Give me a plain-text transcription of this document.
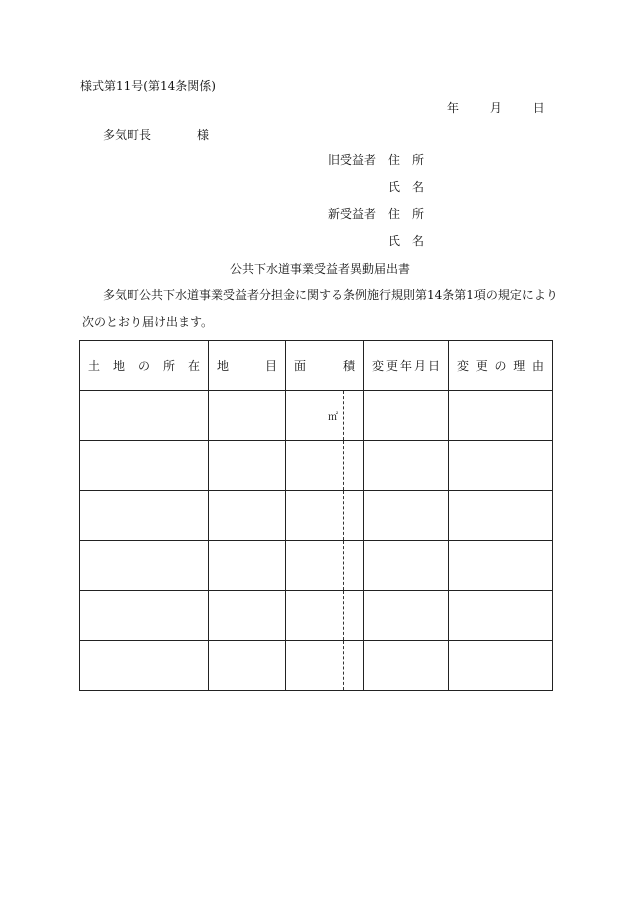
様式第11号(第14条関係)
年	月	日
多気町長	様
旧受益者 住　所
氏　名
新受益者 住　所
氏　名
公共下水道事業受益者異動届出書
多気町公共下水道事業受益者分担金に関する条例施行規則第14条第1項の規定により
次のとおり届け出ます。
土 地 の 所 在	地 目	面 積	変 更 年 月 日	変 更 の 理 由

		㎡		
